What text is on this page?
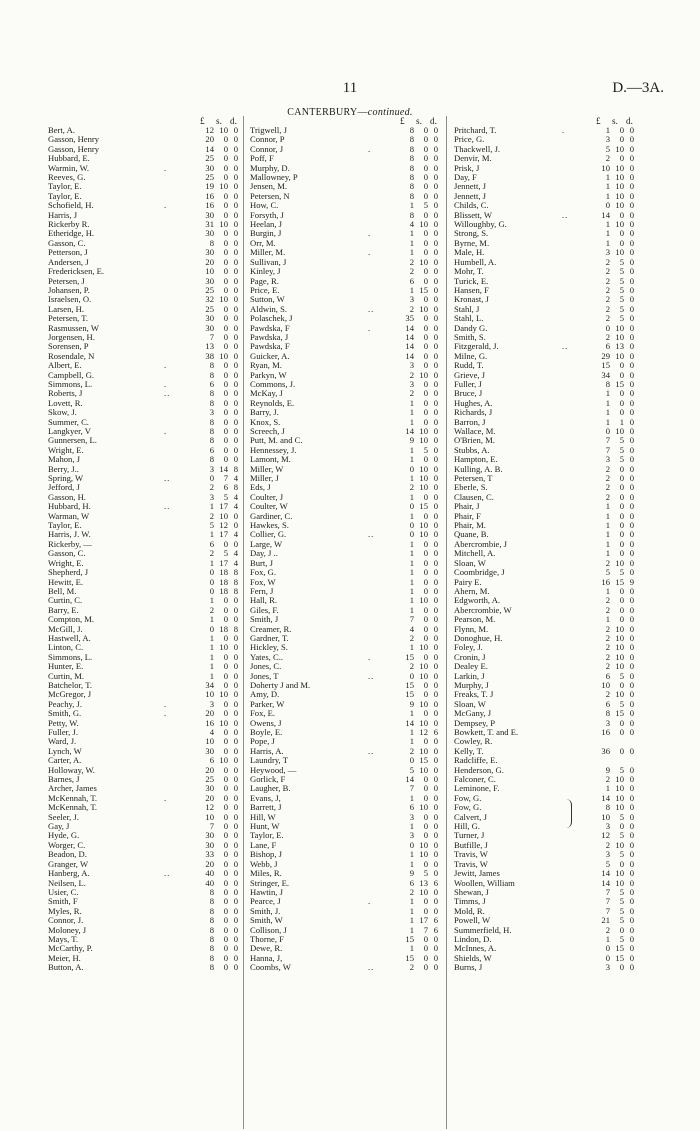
11	D.—3A.
CANTERBURY—continued.
£ s. d.
Bert, A.	12 10 0
Gasson, Henry	20	0 0
Gasson, Henry	14	0 0
Hubbard, E.	25	0 0
Warmin, W.	.	30	0 0
Reeves, G.	25	0 0
Taylor, E.	19 10 0
Taylor, E.	16	0 0
Schofield, H.	.	16	0 0
Harris, J	30	0 0
Rickerby R.	31 10 0
Etheridge, H.	30	0 0
Gasson, C.	8	0 0
Petterson, J	30	0 0
Andersen, J	20	0 0
Fredericksen, E.	10	0 0
Petersen, J	30	0 0
Johansen, P.	25	0 0
Israelsen, O.	32 10 0
Larsen, H.	25	0 0
Petersen, T.	30	0 0
Rasmussen, W	30	0 0
Jorgensen, H.	7	0 0
Sorensen, P	13	0 0
Rosendale, N	38 10 0
Albert, E.	.	8	0 0
Campbell, G.	8	0 0
Simmons, L.	.	6	0 0
Roberts, J	..	8	0 0
Lovett, R.	8	0 0
Skow, J.	3	0 0
Summer, C.	8	0 0
Langkyer, V	.	8	0 0
Gunnersen, L.	8	0 0
Wright, E.	6	0 0
Mahon, J	8	0 0
Berry, J..	3 14 8
Spring, W	..	0	7 4
Jefford, J	2	6 8
Gasson, H.	3	5 4
Hubbard, H.	..	1 17 4
Warman, W	2 10 0
Taylor, E.	5 12 0
Harris, J. W.	1 17 4
Rickerby, —	6	0 0
Gasson, C.	2	5 4
Wright, E.	1 17 4
Shepherd, J	0 18 8
Hewitt, E.	0 18 8
Bell, M.	0 18 8
Curtin, C.	1	0 0
Barry, E.	2	0 0
Compton, M.	1	0 0
McGill, J.	0 18 8
Hastwell, A.	1	0 0
Linton, C.	1 10 0
Simmons, L.	1	0 0
Hunter, E.	1	0 0
Curtin, M.	1	0 0
Batchelor, T.	34	0 0
McGregor, J	10 10 0
Peachy, J.	.	3	0 0
Smith, G.	.	20	0 0
Petty, W.	16 10 0
Fuller, J.	4	0 0
Ward, J.	10	0 0
Lynch, W	30	0 0
Carter, A.	6 10 0
Holloway, W.	20	0 0
Barnes, J	25	0 0
Archer, James	30	0 0
McKennah, T.	.	20	0 0
McKennah, T.	12	0 0
Seeler, J.	10	0 0
Gay, J	7	0 0
Hyde, G.	30	0 0
Worger, C.	30	0 0
Beadon, D.	33	0 0
Granger, W	20	0 0
Hanberg, A.	..	40	0 0
Neilsen, L.	40	0 0
Usier, C.	8	0 0
Smith, F	8	0 0
Myles, R.	8	0 0
Connor, J.	8	0 0
Moloney, J	8	0 0
Mays, T.	8	0 0
McCarthy, P.	8	0 0
Meier, H.	8	0 0
Button, A.	8	0 0
£ s. d.
Trigwell, J	8	0 0
Connor, P	8	0 0
Connor, J	.	8	0 0
Poff, F	8	0 0
Murphy, D.	8	0 0
Mallowney, P	8	0 0
Jensen, M.	8	0 0
Petersen, N	8	0 0
How, C.	1	5 0
Forsyth, J	8	0 0
Heelan, J	4 10 0
Burgin, J	.	1	0 0
Orr, M.	1	0 0
Miller, M.	.	1	0 0
Sullivan, J	2 10 0
Kinley, J	2	0 0
Page, R.	6	0 0
Price, E.	1 15 0
Sutton, W	3	0 0
Aldwin, S.	..	2 10 0
Polaschek, J	35	0 0
Pawdska, F	.	14	0 0
Pawdska, J	14	0 0
Pawdska, F	14	0 0
Guicker, A.	14	0 0
Ryan, M.	3	0 0
Parkyn, W	2 10 0
Commons, J.	3	0 0
McKay, J	2	0 0
Reynolds, E.	1	0 0
Barry, J.	1	0 0
Knox, S.	1	0 0
Screech, J	14 10 0
Putt, M. and C.	9 10 0
Hennessey, J.	1	5 0
Lamont, M.	1	0 0
Miller, W	0 10 0
Miller, J	1 10 0
Eds, J	2 10 0
Coulter, J	1	0 0
Coulter, W	0 15 0
Gardiner, C.	1	0 0
Hawkes, S.	0 10 0
Collier, G.	..	0 10 0
Large, W	1	0 0
Day, J ..	1	0 0
Burt, J	1	0 0
Fox, G.	1	0 0
Fox, W	1	0 0
Fern, J	1	0 0
Hall, R.	1 10 0
Giles, F.	1	0 0
Smith, J	7	0 0
Creamer, R.	4	0 0
Gardner, T.	2	0 0
Hickley, S.	1 10 0
Yates, C..	.	15	0 0
Jones, C.	2 10 0
Jones, T	..	0 10 0
Doherty J and M.	15	0 0
Amy, D.	15	0 0
Parker, W	9 10 0
Fox, E.	1	0 0
Owens, J	14 10 0
Boyle, E.	1 12 6
Pope, J	1	0 0
Harris, A.	..	2 10 0
Laundry, T	0 15 0
Heywood, —	5 10 0
Gorlick, F	14	0 0
Laugher, B.	7	0 0
Evans, J,	1	0 0
Barrett, J	6 10 0
Hill, W	3	0 0
Hunt, W	1	0 0
Taylor, E.	3	0 0
Lane, F	0 10 0
Bishop, J	1 10 0
Webb, J	1	0 0
Miles, R.	9	5 0
Stringer, E.	6 13 6
Hawtin, J	2 10 0
Pearce, J	.	1	0 0
Smith, J.	1	0 0
Smith, W	1 17 6
Collison, J	1	7 6
Thorne, F	15	0 0
Dewe, R.	1	0 0
Hanna, J,	15	0 0
Coombs, W	..	2	0 0
£ s. d.
Pritchard, T.	.	1	0 0
Price, G.	3	0 0
Thackwell, J.	5 10 0
Denvir, M.	2	0 0
Prisk, J	10 10 0
Day, F	1 10 0
Jennett, J	1 10 0
Jennett, J	1 10 0
Childs, C.	0 10 0
Blissett, W	..	14	0 0
Willoughby, G.	1 10 0
Strong, S.	1	0 0
Byrne, M.	1	0 0
Male, H.	3 10 0
Humbell, A.	2	5 0
Mohr, T.	2	5 0
Turick, E.	2	5 0
Hansen, F	2	5 0
Kronast, J	2	5 0
Stahl, J	2	5 0
Stahl, L.	2	5 0
Dandy G.	0 10 0
Smith, S.	2 10 0
Fitzgerald, J.	..	6 13 0
Milne, G.	29 10 0
Rudd, T.	15	0 0
Grieve, J	34	0 0
Fuller, J	8 15 0
Bruce, J	1	0 0
Hughes, A.	1	0 0
Richards, J	1	0 0
Barron, J	1	1 0
Wallace, M.	0 10 0
O'Brien, M.	7	5 0
Stubbs, A.	7	5 0
Hampton, E.	3	5 0
Kulling, A. B.	2	0 0
Petersen, T	2	0 0
Eberle, S.	2	0 0
Clausen, C.	2	0 0
Phair, J	1	0 0
Phair, F	1	0 0
Phair, M.	1	0 0
Quane, B.	1	0 0
Abercrombie, J	1	0 0
Mitchell, A.	1	0 0
Sloan, W	2 10 0
Coombridge, J	5	5 0
Pairy E.	16 15 9
Ahern, M.	1	0 0
Edgworth, A.	2	0 0
Abercrombie, W	2	0 0
Pearson, M.	1	0 0
Flynn, M.	2 10 0
Donoghue, H.	2 10 0
Foley, J.	2 10 0
Cronin, J	2 10 0
Dealey E.	2 10 0
Larkin, J	6	5 0
Murphy, J	10	0 0
Freaks, T. J	2 10 0
Sloan, W	6	5 0
McGany, J	8 15 0
Dempsey, P	3	0 0
Bowkett, T. and E.	16	0 0
Cowley, R.
Kelly, T.	36	0 0
Radcliffe, E.
Henderson, G.	9	5 0
Falconer, C.	2 10 0
Leminone, F.	1 10 0
Fow, G.	14 10 0
Fow, G.	8 10 0
Calvert, J	10	5 0
Hill, G.	3	0 0
Turner, J	12	5 0
Butfille, J	2 10 0
Travis, W	3	5 0
Travis, W	5	0 0
Jewitt, James	14 10 0
Woollen, William	14 10 0
Shewan, J	7	5 0
Timms, J	7	5 0
Mold, R.	7	5 0
Powell, W	21	5 0
Summerfield, H.	2	0 0
Lindon, D.	1	5 0
McInnes, A.	0 15 0
Shields, W	0 15 0
Burns, J	3	0 0
